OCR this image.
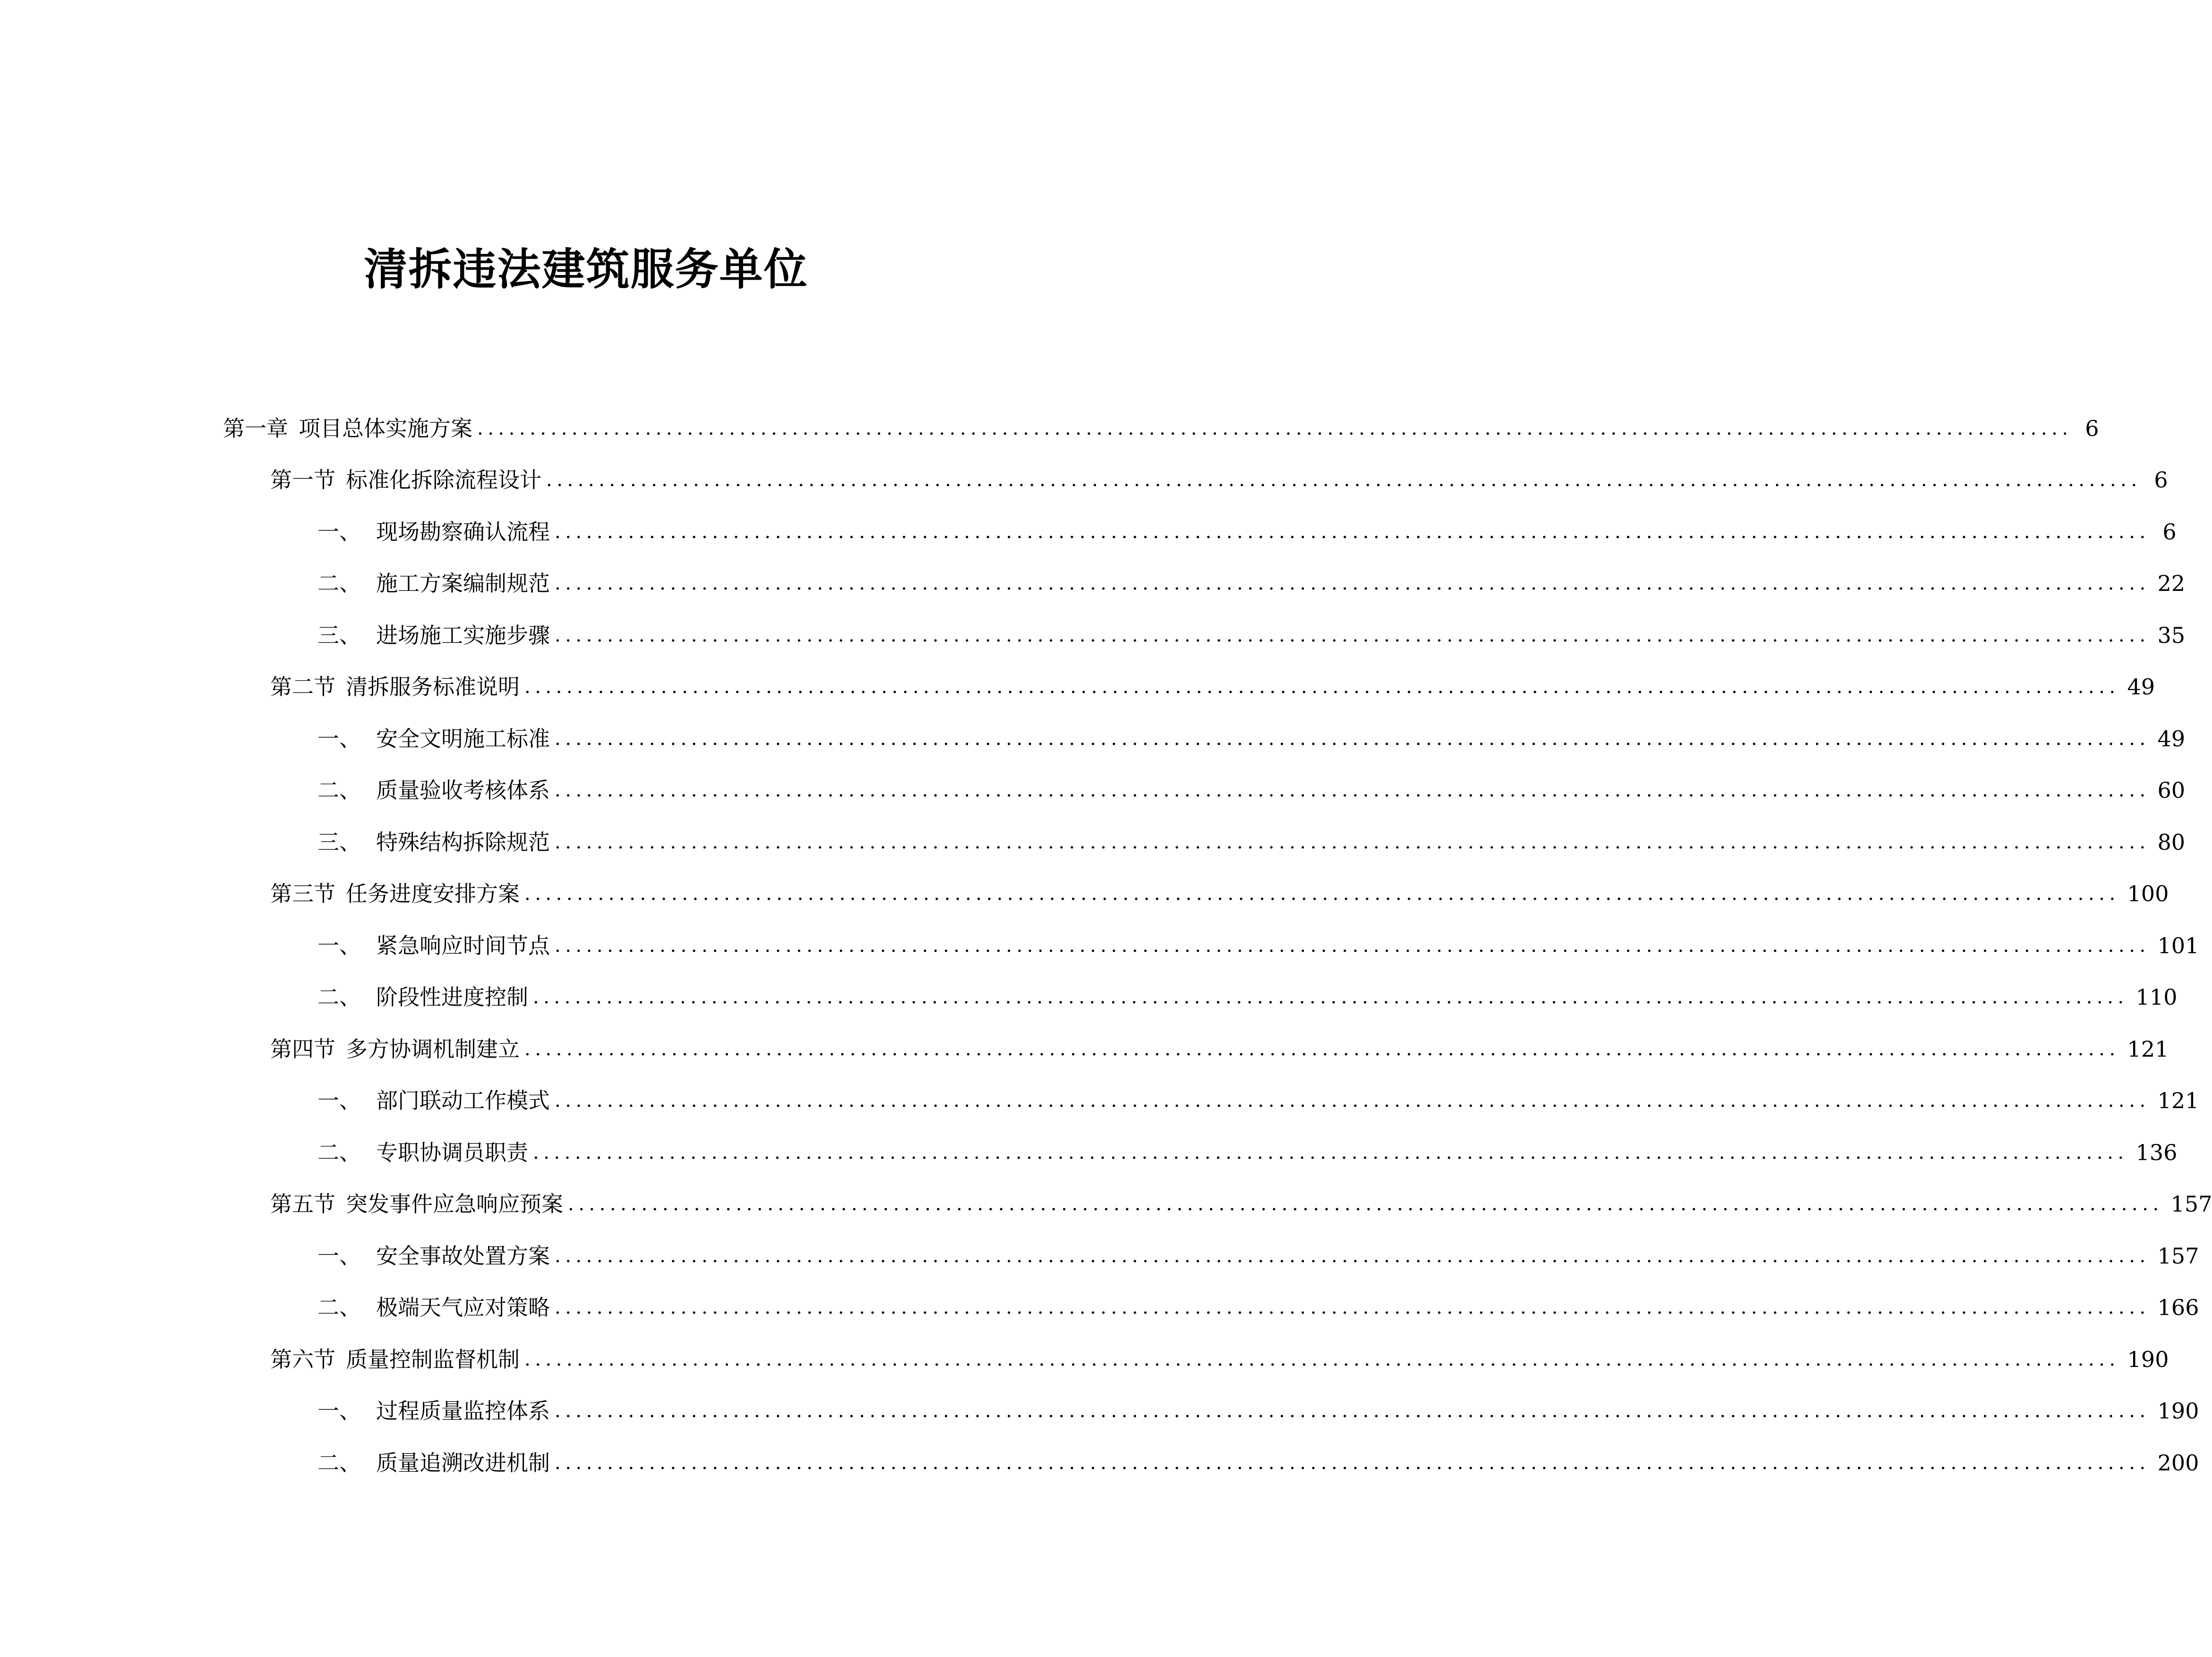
清拆违法建筑服务单位
第一章 项目总体实施方案 ........................................................................................................................................................ 6
第一节 标准化拆除流程设计 ........................................................................................................................................................ 6
一、 现场勘察确认流程 ........................................................................................................................................................ 6
二、 施工方案编制规范 ........................................................................................................................................................ 22
三、 进场施工实施步骤 ........................................................................................................................................................ 35
第二节 清拆服务标准说明 ........................................................................................................................................................ 49
一、 安全文明施工标准 ........................................................................................................................................................ 49
二、 质量验收考核体系 ........................................................................................................................................................ 60
三、 特殊结构拆除规范 ........................................................................................................................................................ 80
第三节 任务进度安排方案 ........................................................................................................................................................ 100
一、 紧急响应时间节点 ........................................................................................................................................................ 101
二、 阶段性进度控制 ........................................................................................................................................................ 110
第四节 多方协调机制建立 ........................................................................................................................................................ 121
一、 部门联动工作模式 ........................................................................................................................................................ 121
二、 专职协调员职责 ........................................................................................................................................................ 136
第五节 突发事件应急响应预案 ........................................................................................................................................................ 157
一、 安全事故处置方案 ........................................................................................................................................................ 157
二、 极端天气应对策略 ........................................................................................................................................................ 166
第六节 质量控制监督机制 ........................................................................................................................................................ 190
一、 过程质量监控体系 ........................................................................................................................................................ 190
二、 质量追溯改进机制 ........................................................................................................................................................ 200
